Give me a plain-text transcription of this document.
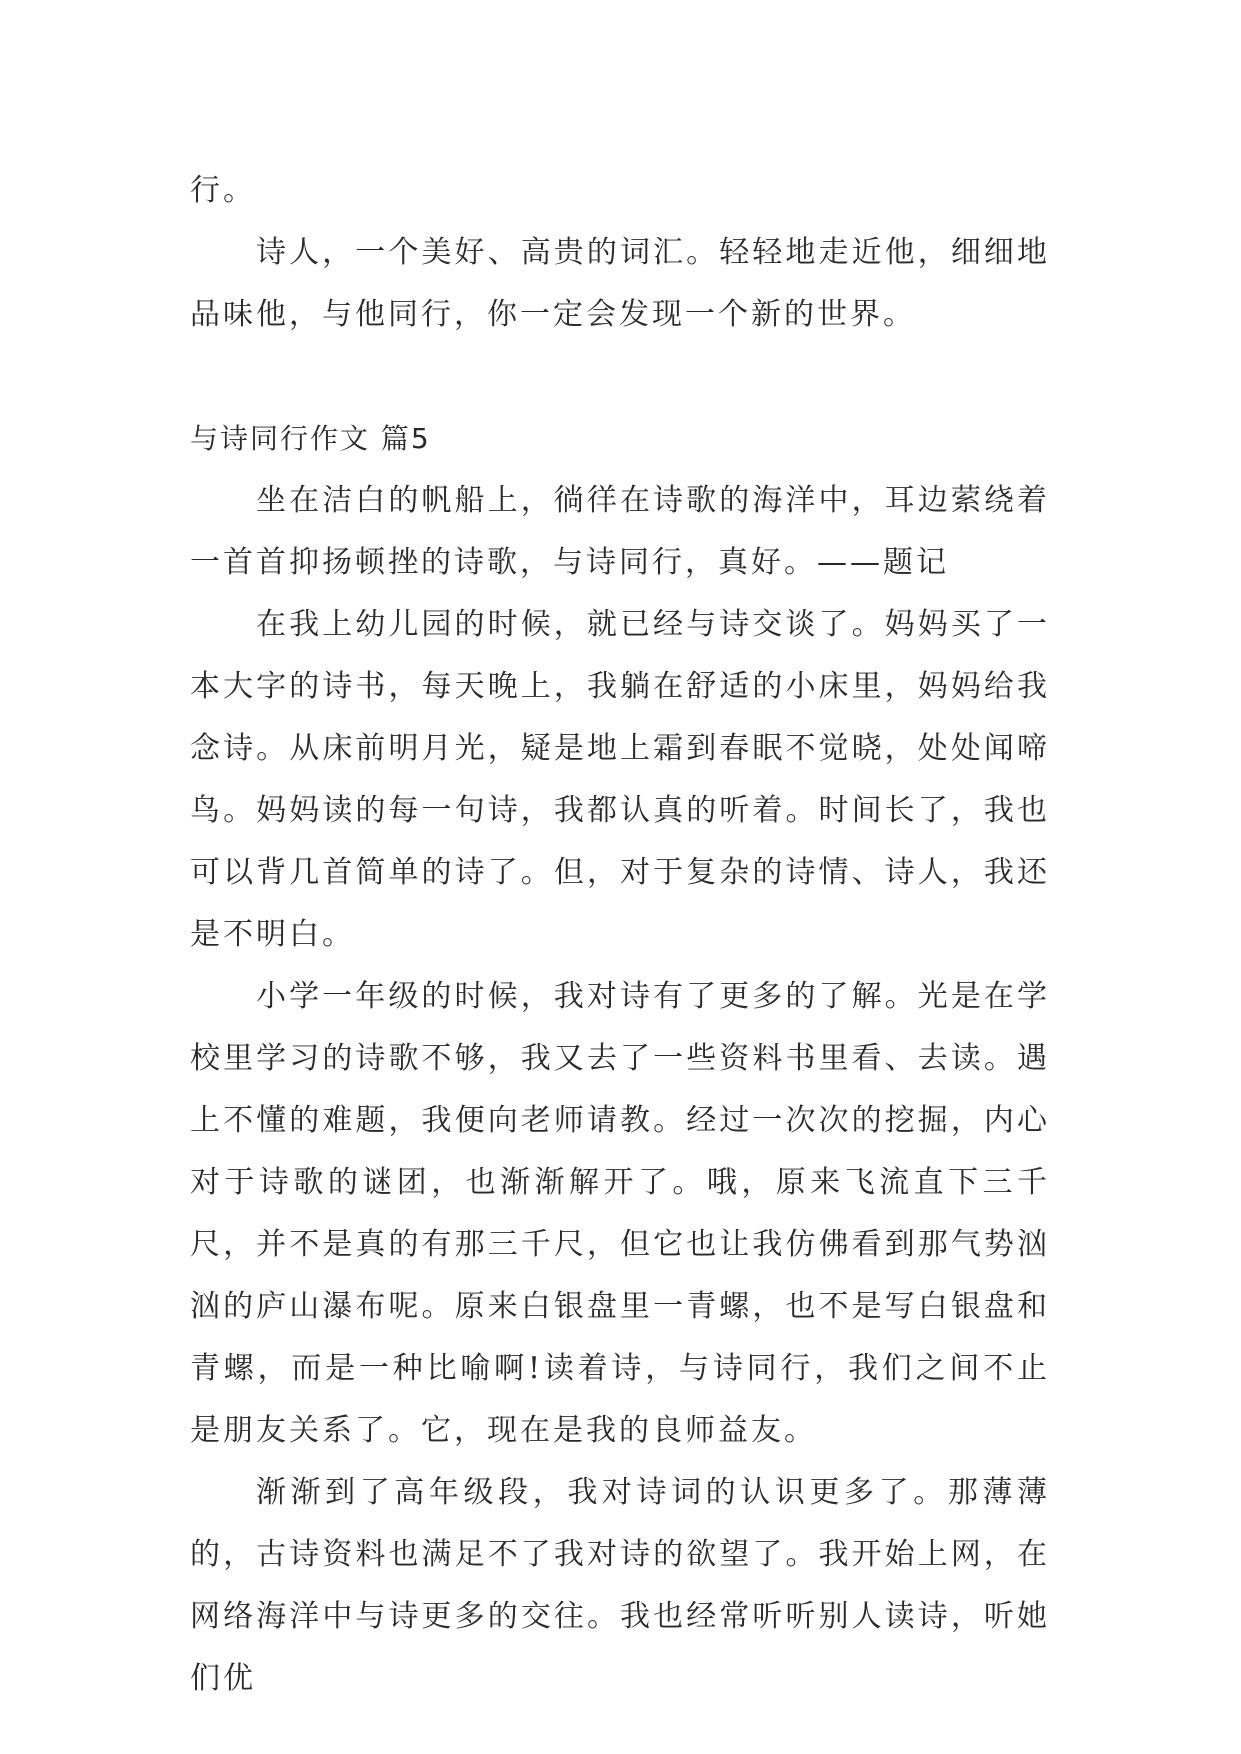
行。

诗人，一个美好、高贵的词汇。轻轻地走近他，细细地品味他，与他同行，你一定会发现一个新的世界。

与诗同行作文 篇5

坐在洁白的帆船上，徜徉在诗歌的海洋中，耳边萦绕着一首首抑扬顿挫的诗歌，与诗同行，真好。——题记

在我上幼儿园的时候，就已经与诗交谈了。妈妈买了一本大字的诗书，每天晚上，我躺在舒适的小床里，妈妈给我念诗。从床前明月光，疑是地上霜到春眠不觉晓，处处闻啼鸟。妈妈读的每一句诗，我都认真的听着。时间长了，我也可以背几首简单的诗了。但，对于复杂的诗情、诗人，我还是不明白。

小学一年级的时候，我对诗有了更多的了解。光是在学校里学习的诗歌不够，我又去了一些资料书里看、去读。遇上不懂的难题，我便向老师请教。经过一次次的挖掘，内心对于诗歌的谜团，也渐渐解开了。哦，原来飞流直下三千尺，并不是真的有那三千尺，但它也让我仿佛看到那气势汹汹的庐山瀑布呢。原来白银盘里一青螺，也不是写白银盘和青螺，而是一种比喻啊!读着诗，与诗同行，我们之间不止是朋友关系了。它，现在是我的良师益友。

渐渐到了高年级段，我对诗词的认识更多了。那薄薄的，古诗资料也满足不了我对诗的欲望了。我开始上网，在网络海洋中与诗更多的交往。我也经常听听别人读诗，听她们优
